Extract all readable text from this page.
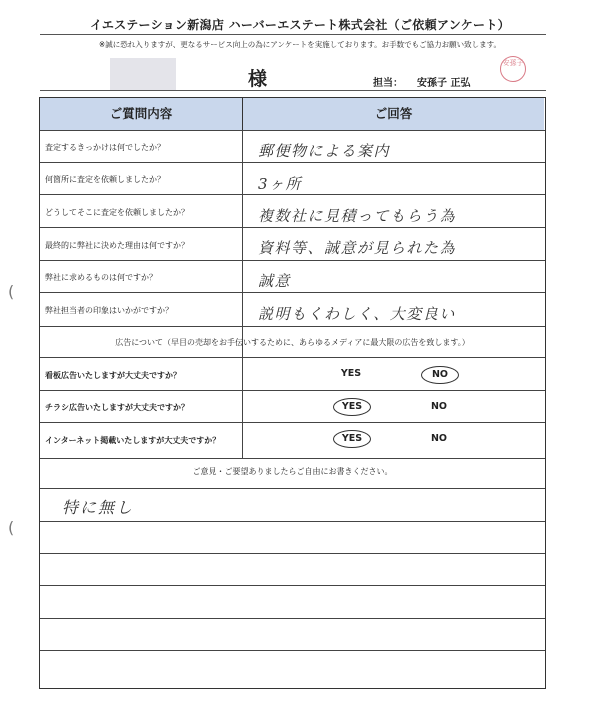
イエステーション新潟店 ハーバーエステート株式会社（ご依頼アンケート）
※誠に恐れ入りますが、更なるサービス向上の為にアンケートを実施しております。お手数でもご協力お願い致します。
様	担当： 安孫子 正弘
安孫子
(
(
ご質問内容	ご回答
査定するきっかけは何でしたか？	郵便物による案内
何箇所に査定を依頼しましたか？	3ヶ所
どうしてそこに査定を依頼しましたか？	複数社に見積ってもらう為
最終的に弊社に決めた理由は何ですか？	資料等、誠意が見られた為
弊社に求めるものは何ですか？	誠意
弊社担当者の印象はいかがですか？	説明もくわしく、大変良い
広告について（早目の売却をお手伝いするために、あらゆるメディアに最大限の広告を致します。）
看板広告いたしますが大丈夫ですか？	YES	NO
チラシ広告いたしますが大丈夫ですか？	YES	NO
インターネット掲載いたしますが大丈夫ですか？	YES	NO
ご意見・ご要望ありましたらご自由にお書きください。
特に無し
